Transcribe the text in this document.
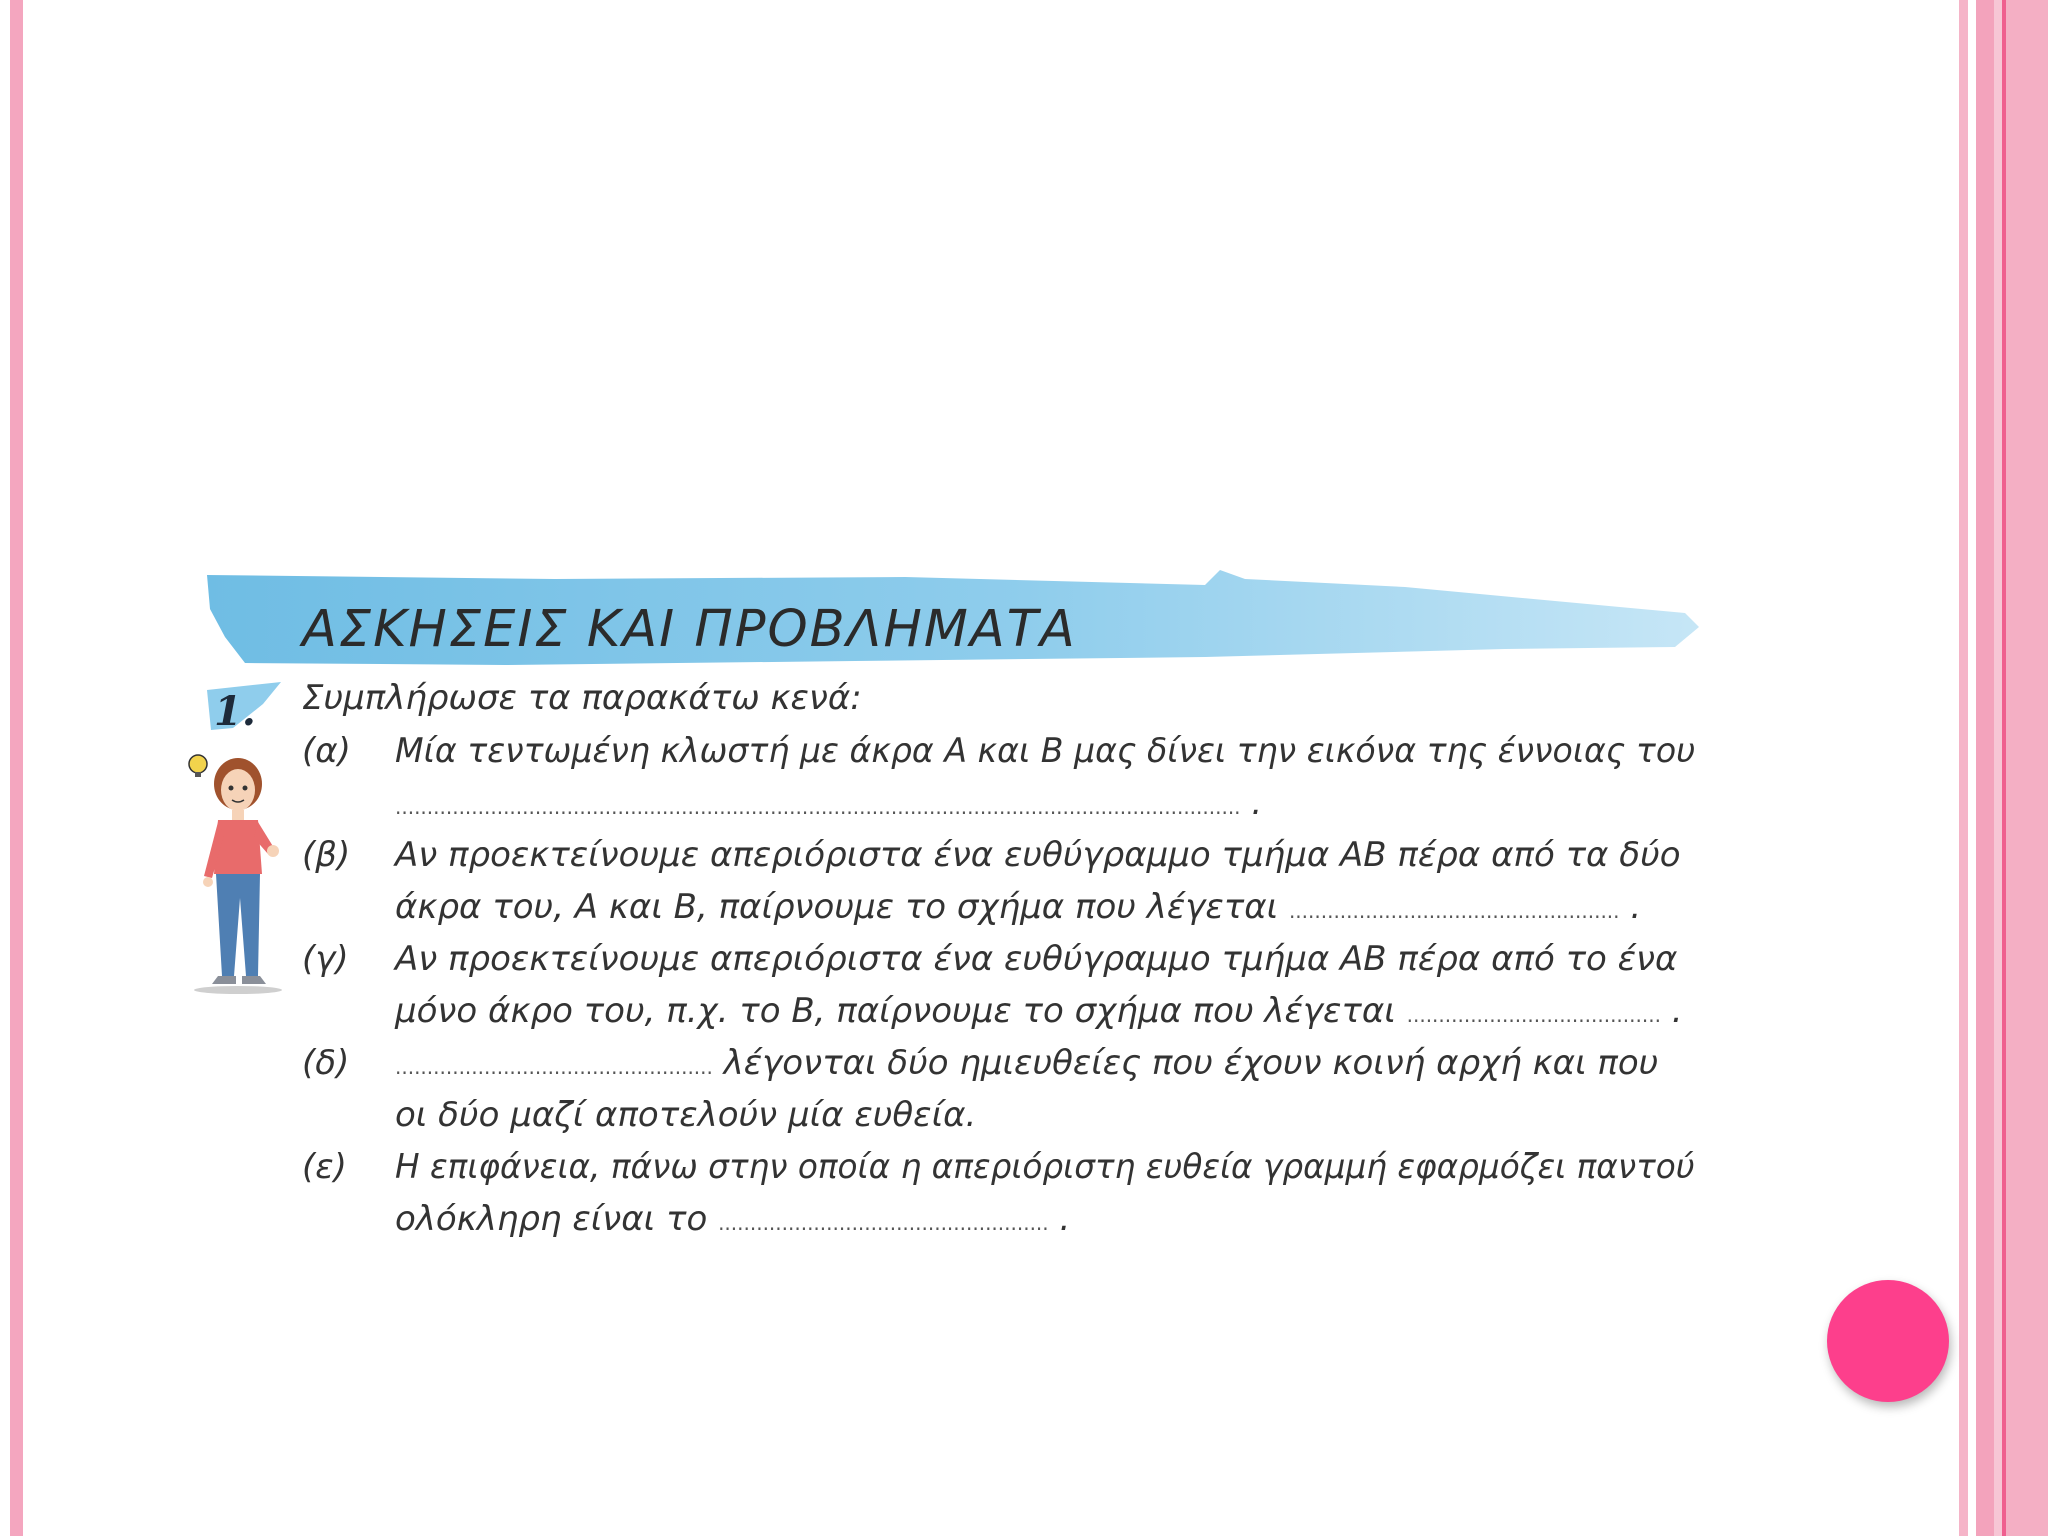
ΑΣΚΗΣΕΙΣ ΚΑΙ ΠΡΟΒΛΗΜΑΤΑ
1. Συμπλήρωσε τα παρακάτω κενά:
(α) Μία τεντωμένη κλωστή με άκρα Α και Β μας δίνει την εικόνα της έννοιας του
..................................................................................................................................... .
(β) Αν προεκτείνουμε απεριόριστα ένα ευθύγραμμο τμήμα ΑΒ πέρα από τα δύο
άκρα του, Α και Β, παίρνουμε το σχήμα που λέγεται .................................................... .
(γ) Αν προεκτείνουμε απεριόριστα ένα ευθύγραμμο τμήμα ΑΒ πέρα από το ένα
μόνο άκρο του, π.χ. το Β, παίρνουμε το σχήμα που λέγεται ........................................ .
(δ) .................................................. λέγονται δύο ημιευθείες που έχουν κοινή αρχή και που
οι δύο μαζί αποτελούν μία ευθεία.
(ε) Η επιφάνεια, πάνω στην οποία η απεριόριστη ευθεία γραμμή εφαρμόζει παντού
ολόκληρη είναι το .................................................... .
